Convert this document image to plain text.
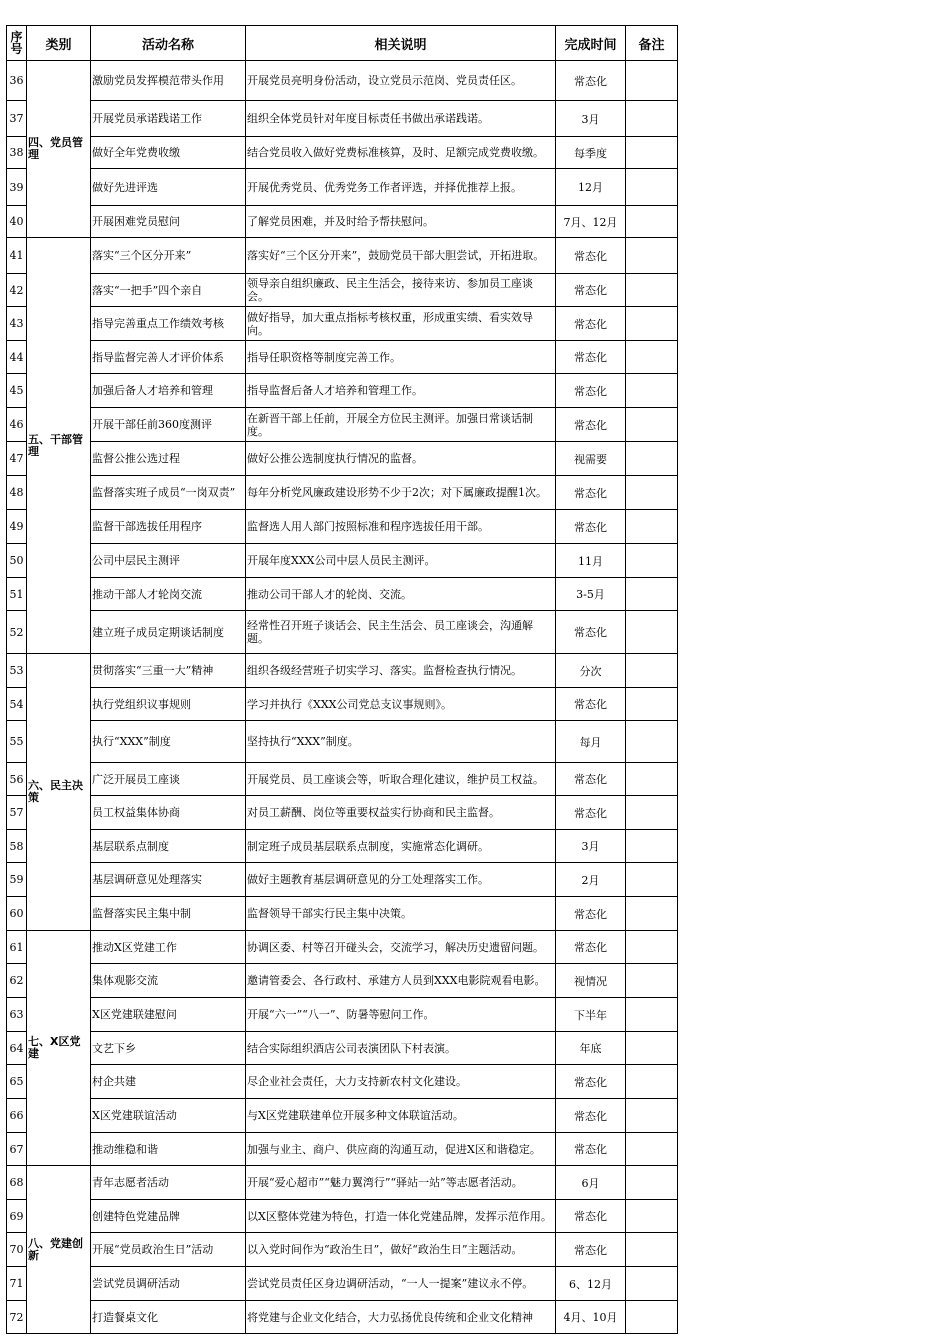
序号	类别	活动名称	相关说明	完成时间	备注
36	四、党员管理	激励党员发挥模范带头作用	开展党员亮明身份活动，设立党员示范岗、党员责任区。	常态化	
37		开展党员承诺践诺工作	组织全体党员针对年度目标责任书做出承诺践诺。	3月	
38		做好全年党费收缴	结合党员收入做好党费标准核算，及时、足额完成党费收缴。	每季度	
39		做好先进评选	开展优秀党员、优秀党务工作者评选，并择优推荐上报。	12月	
40		开展困难党员慰问	了解党员困难，并及时给予帮扶慰问。	7月、12月	
41	五、干部管理	落实“三个区分开来”	落实好“三个区分开来”，鼓励党员干部大胆尝试，开拓进取。	常态化	
42		落实“一把手”四个亲自	领导亲自组织廉政、民主生活会，接待来访、参加员工座谈会。	常态化	
43		指导完善重点工作绩效考核	做好指导，加大重点指标考核权重，形成重实绩、看实效导向。	常态化	
44		指导监督完善人才评价体系	指导任职资格等制度完善工作。	常态化	
45		加强后备人才培养和管理	指导监督后备人才培养和管理工作。	常态化	
46		开展干部任前360度测评	在新晋干部上任前，开展全方位民主测评。加强日常谈话制度。	常态化	
47		监督公推公选过程	做好公推公选制度执行情况的监督。	视需要	
48		监督落实班子成员“一岗双责”	每年分析党风廉政建设形势不少于2次；对下属廉政提醒1次。	常态化	
49		监督干部选拔任用程序	监督选人用人部门按照标准和程序选拔任用干部。	常态化	
50		公司中层民主测评	开展年度XXX公司中层人员民主测评。	11月	
51		推动干部人才轮岗交流	推动公司干部人才的轮岗、交流。	3-5月	
52		建立班子成员定期谈话制度	经常性召开班子谈话会、民主生活会、员工座谈会，沟通解题。	常态化	
53	六、民主决策	贯彻落实“三重一大”精神	组织各级经营班子切实学习、落实。监督检查执行情况。	分次	
54		执行党组织议事规则	学习并执行《XXX公司党总支议事规则》。	常态化	
55		执行“XXX”制度	坚持执行“XXX”制度。	每月	
56		广泛开展员工座谈	开展党员、员工座谈会等，听取合理化建议，维护员工权益。	常态化	
57		员工权益集体协商	对员工薪酬、岗位等重要权益实行协商和民主监督。	常态化	
58		基层联系点制度	制定班子成员基层联系点制度，实施常态化调研。	3月	
59		基层调研意见处理落实	做好主题教育基层调研意见的分工处理落实工作。	2月	
60		监督落实民主集中制	监督领导干部实行民主集中决策。	常态化	
61	七、X区党建	推动X区党建工作	协调区委、村等召开碰头会，交流学习，解决历史遗留问题。	常态化	
62		集体观影交流	邀请管委会、各行政村、承建方人员到XXX电影院观看电影。	视情况	
63		X区党建联建慰问	开展“六一”“八一”、防暑等慰问工作。	下半年	
64		文艺下乡	结合实际组织酒店公司表演团队下村表演。	年底	
65		村企共建	尽企业社会责任，大力支持新农村文化建设。	常态化	
66		X区党建联谊活动	与X区党建联建单位开展多种文体联谊活动。	常态化	
67		推动维稳和谐	加强与业主、商户、供应商的沟通互动，促进X区和谐稳定。	常态化	
68	八、党建创新	青年志愿者活动	开展“爱心超市”“魅力翼湾行”“驿站一站”等志愿者活动。	6月	
69		创建特色党建品牌	以X区整体党建为特色，打造一体化党建品牌，发挥示范作用。	常态化	
70		开展“党员政治生日”活动	以入党时间作为“政治生日”，做好“政治生日”主题活动。	常态化	
71		尝试党员调研活动	尝试党员责任区身边调研活动，“一人一提案”建议永不停。	6、12月	
72		打造餐桌文化	将党建与企业文化结合，大力弘扬优良传统和企业文化精神	4月、10月	
